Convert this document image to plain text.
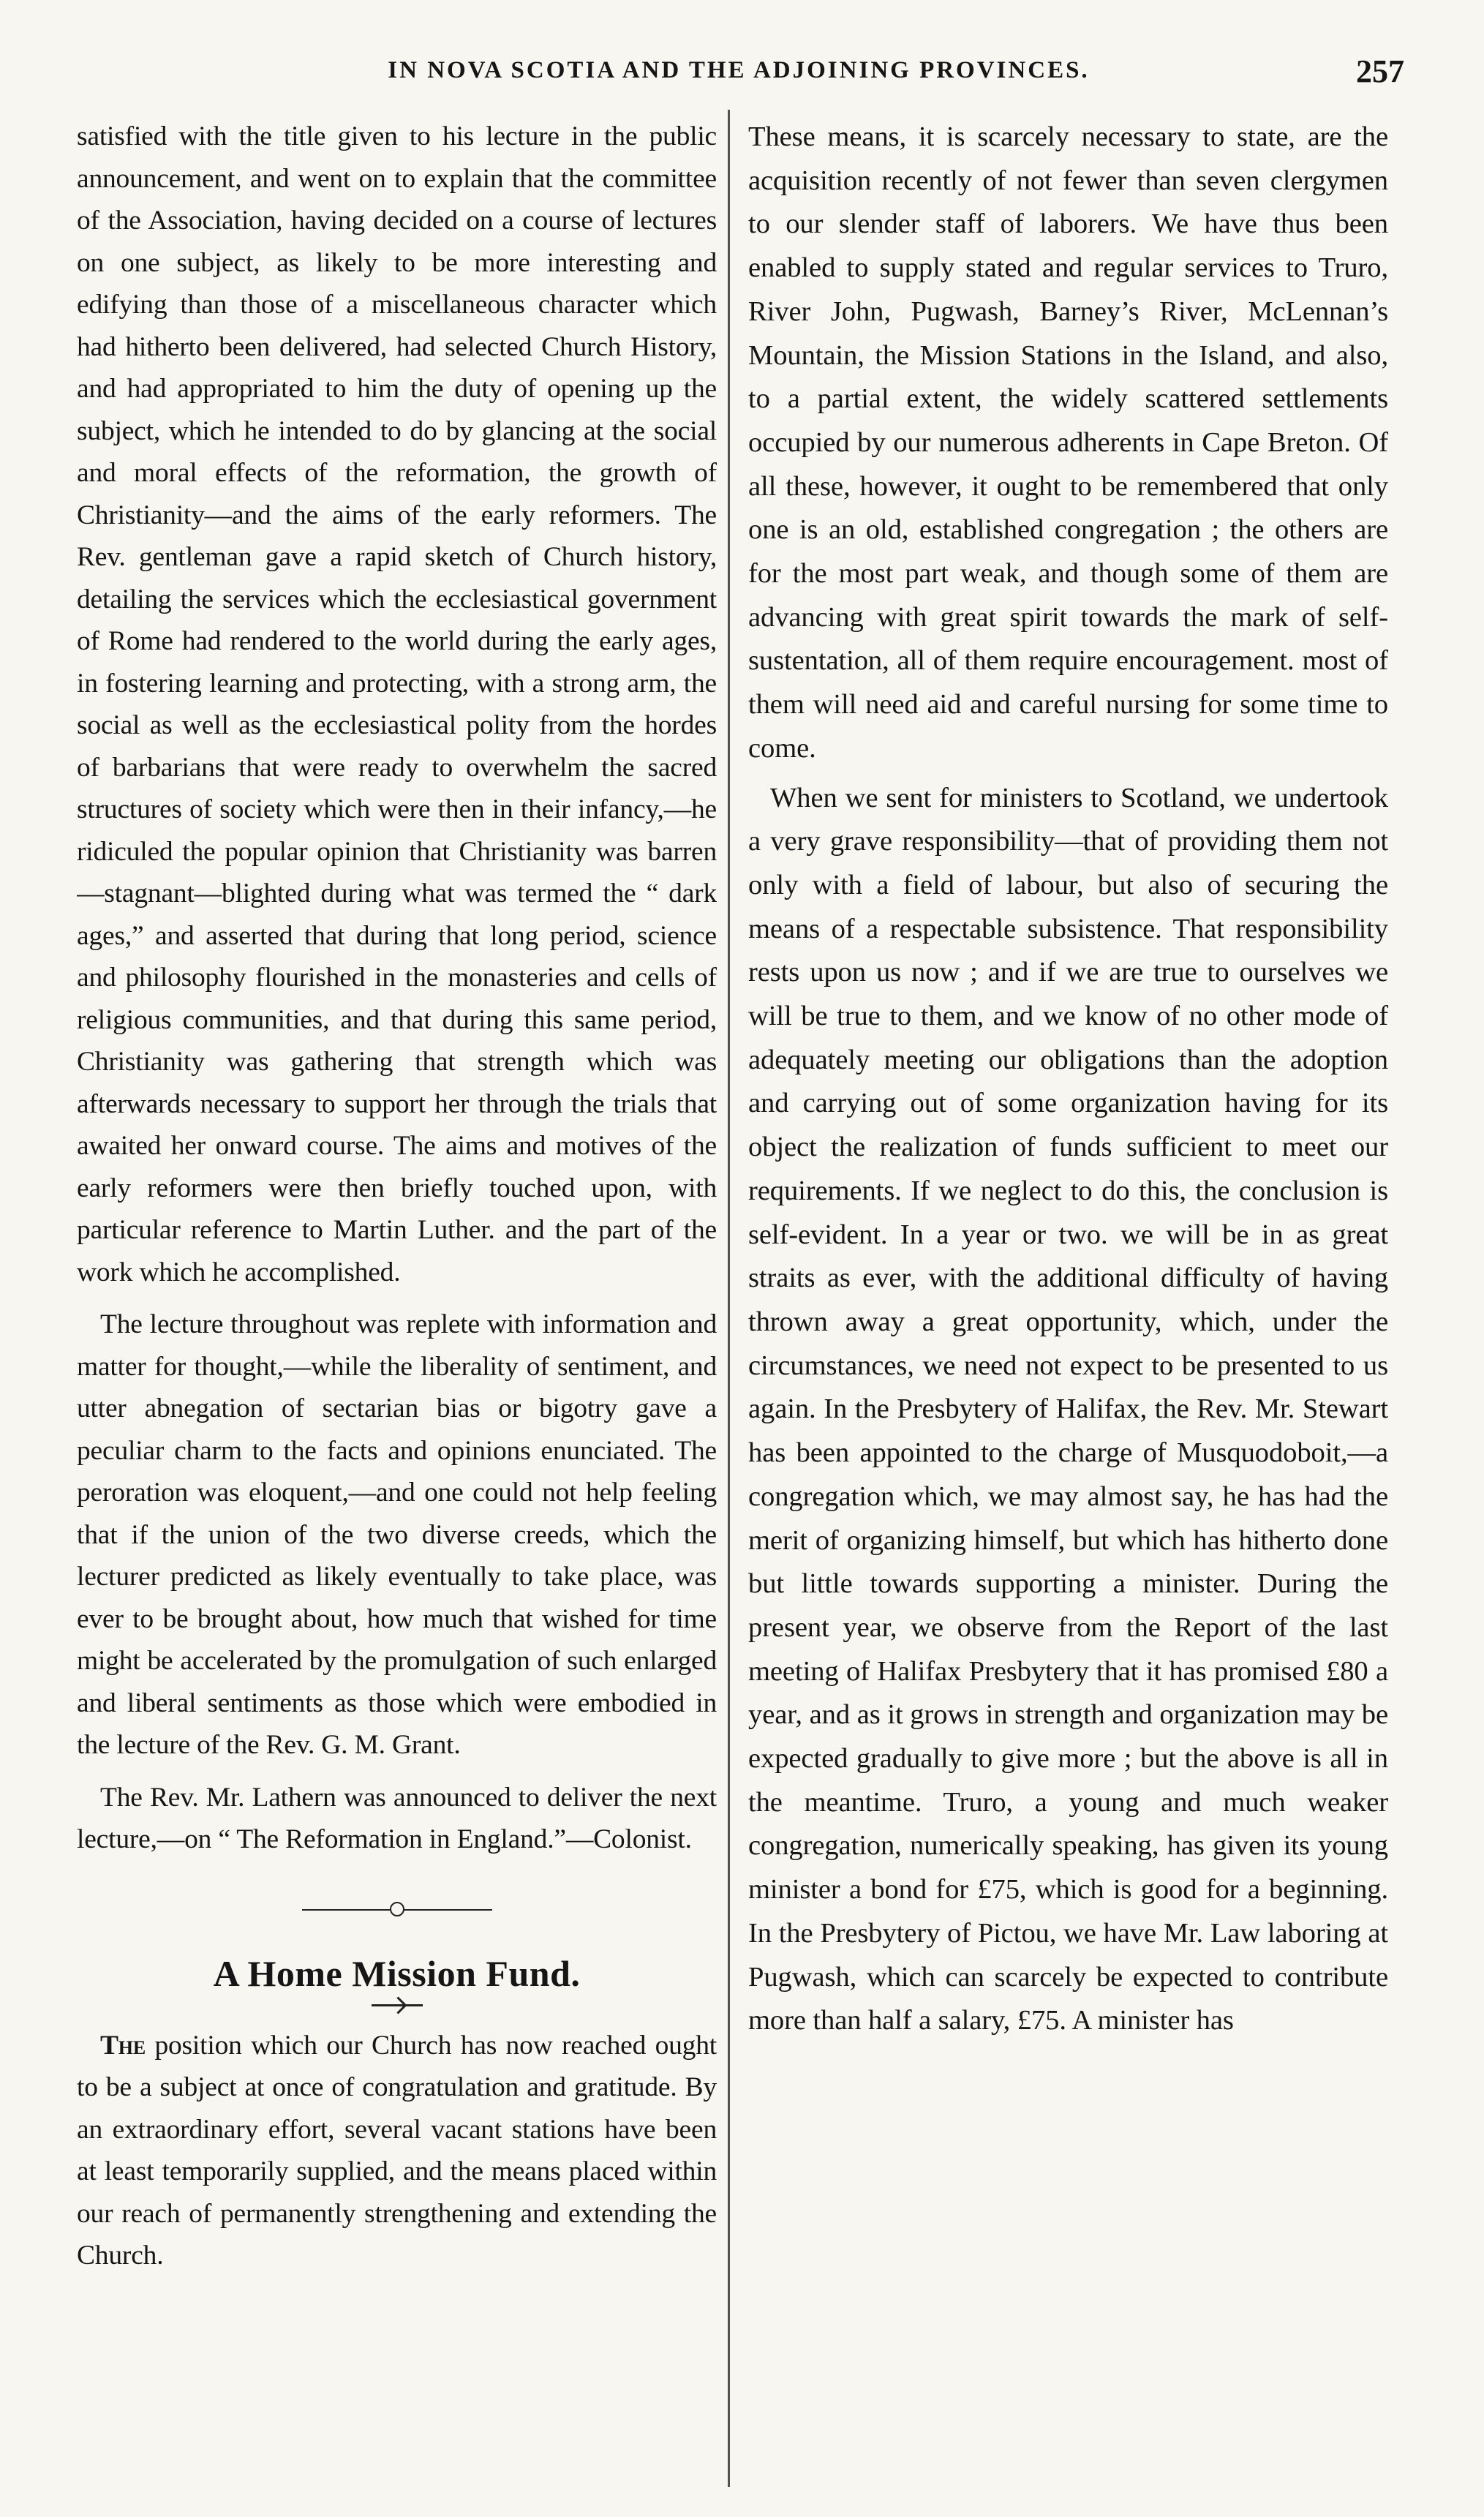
IN NOVA SCOTIA AND THE ADJOINING PROVINCES.	257

satisfied with the title given to his lecture in the public announcement, and went on to explain that the committee of the Association, having decided on a course of lectures on one subject, as likely to be more interesting and edifying than those of a miscellaneous character which had hitherto been delivered, had selected Church History, and had appropriated to him the duty of opening up the subject, which he intended to do by glancing at the social and moral effects of the reformation, the growth of Christianity—and the aims of the early reformers. The Rev. gentleman gave a rapid sketch of Church history, detailing the services which the ecclesiastical government of Rome had rendered to the world during the early ages, in fostering learning and protecting, with a strong arm, the social as well as the ecclesiastical polity from the hordes of barbarians that were ready to overwhelm the sacred structures of society which were then in their infancy,—he ridiculed the popular opinion that Christianity was barren —stagnant—blighted during what was termed the “ dark ages,” and asserted that during that long period, science and philosophy flourished in the monasteries and cells of religious communities, and that during this same period, Christianity was gathering that strength which was afterwards necessary to support her through the trials that awaited her onward course. The aims and motives of the early reformers were then briefly touched upon, with particular reference to Martin Luther. and the part of the work which he accomplished.

The lecture throughout was replete with information and matter for thought,—while the liberality of sentiment, and utter abnegation of sectarian bias or bigotry gave a peculiar charm to the facts and opinions enunciated. The peroration was eloquent,—and one could not help feeling that if the union of the two diverse creeds, which the lecturer predicted as likely eventually to take place, was ever to be brought about, how much that wished for time might be accelerated by the promulgation of such enlarged and liberal sentiments as those which were embodied in the lecture of the Rev. G. M. Grant.

The Rev. Mr. Lathern was announced to deliver the next lecture,—on “ The Reformation in England.”—Colonist.

A Home Mission Fund.

The position which our Church has now reached ought to be a subject at once of congratulation and gratitude. By an extraordinary effort, several vacant stations have been at least temporarily supplied, and the means placed within our reach of permanently strengthening and extending the Church.

These means, it is scarcely necessary to state, are the acquisition recently of not fewer than seven clergymen to our slender staff of laborers. We have thus been enabled to supply stated and regular services to Truro, River John, Pugwash, Barney’s River, McLennan’s Mountain, the Mission Stations in the Island, and also, to a partial extent, the widely scattered settlements occupied by our numerous adherents in Cape Breton. Of all these, however, it ought to be remembered that only one is an old, established congregation ; the others are for the most part weak, and though some of them are advancing with great spirit towards the mark of self-sustentation, all of them require encouragement. most of them will need aid and careful nursing for some time to come.

When we sent for ministers to Scotland, we undertook a very grave responsibility—that of providing them not only with a field of labour, but also of securing the means of a respectable subsistence. That responsibility rests upon us now ; and if we are true to ourselves we will be true to them, and we know of no other mode of adequately meeting our obligations than the adoption and carrying out of some organization having for its object the realization of funds sufficient to meet our requirements. If we neglect to do this, the conclusion is self-evident. In a year or two. we will be in as great straits as ever, with the additional difficulty of having thrown away a great opportunity, which, under the circumstances, we need not expect to be presented to us again. In the Presbytery of Halifax, the Rev. Mr. Stewart has been appointed to the charge of Musquodoboit,—a congregation which, we may almost say, he has had the merit of organizing himself, but which has hitherto done but little towards supporting a minister. During the present year, we observe from the Report of the last meeting of Halifax Presbytery that it has promised £80 a year, and as it grows in strength and organization may be expected gradually to give more ; but the above is all in the meantime. Truro, a young and much weaker congregation, numerically speaking, has given its young minister a bond for £75, which is good for a beginning. In the Presbytery of Pictou, we have Mr. Law laboring at Pugwash, which can scarcely be expected to contribute more than half a salary, £75. A minister has
